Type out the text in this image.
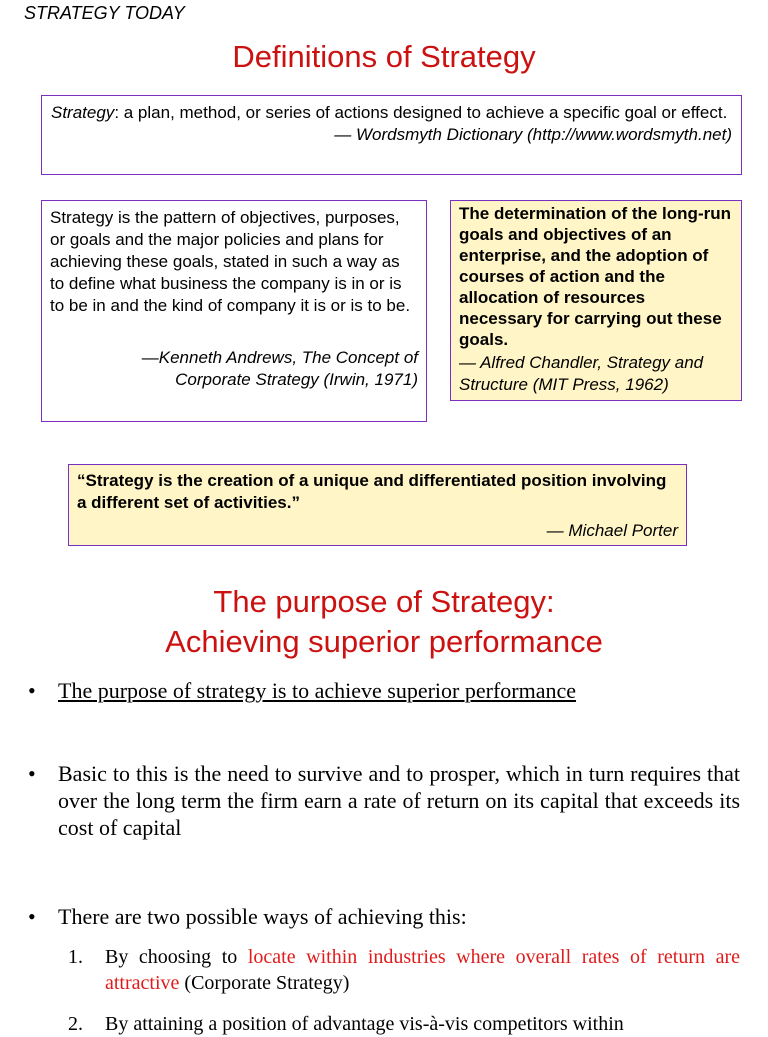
STRATEGY TODAY
Definitions of Strategy
Strategy: a plan, method, or series of actions designed to achieve a specific goal or effect.
— Wordsmyth Dictionary (http://www.wordsmyth.net)
Strategy is the pattern of objectives, purposes, or goals and the major policies and plans for achieving these goals, stated in such a way as to define what business the company is in or is to be in and the kind of company it is or is to be.
—Kenneth Andrews, The Concept of
Corporate Strategy (Irwin, 1971)
The determination of the long-run goals and objectives of an enterprise, and the adoption of courses of action and the allocation of resources necessary for carrying out these goals.
— Alfred Chandler, Strategy and Structure (MIT Press, 1962)
“Strategy is the creation of a unique and differentiated position involving a different set of activities.”
— Michael Porter
The purpose of Strategy:
Achieving superior performance
• The purpose of strategy is to achieve superior performance
• Basic to this is the need to survive and to prosper, which in turn requires that over the long term the firm earn a rate of return on its capital that exceeds its cost of capital
• There are two possible ways of achieving this:
1. By choosing to locate within industries where overall rates of return are attractive (Corporate Strategy)
2. By attaining a position of advantage vis-à-vis competitors within
